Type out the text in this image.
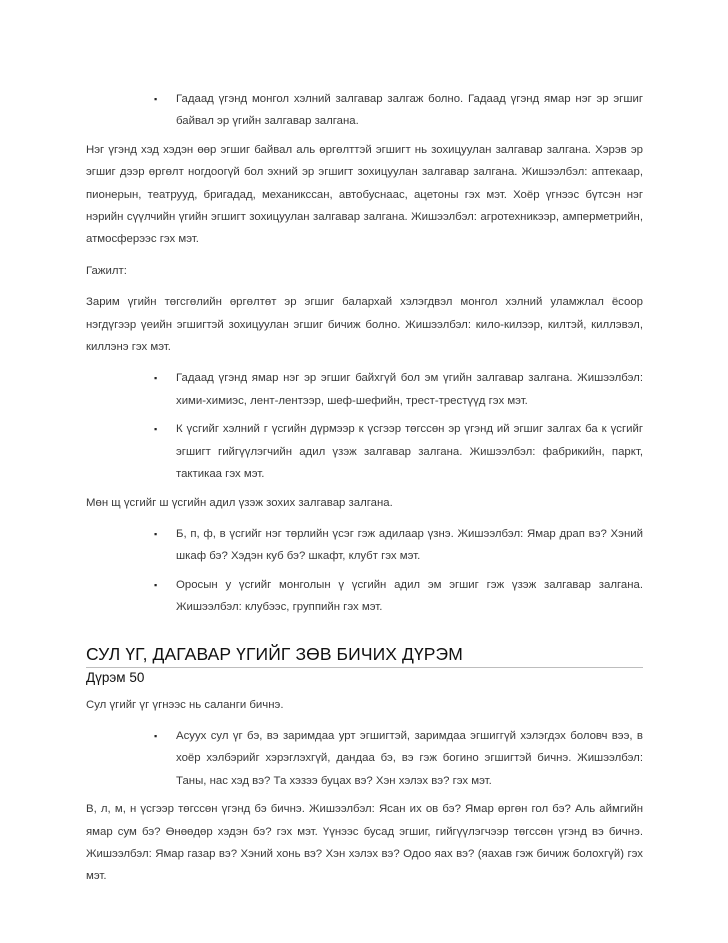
▪ Гадаад үгэнд монгол хэлний залгавар залгаж болно. Гадаад үгэнд ямар нэг эр эгшиг байвал эр үгийн залгавар залгана.

Нэг үгэнд хэд хэдэн өөр эгшиг байвал аль өргөлттэй эгшигт нь зохицуулан залгавар залгана. Хэрэв эр эгшиг дээр өргөлт ногдоогүй бол эхний эр эгшигт зохицуулан залгавар залгана. Жишээлбэл: аптекаар, пионерын, театрууд, бригадад, механикссан, автобуснаас, ацетоны гэх мэт. Хоёр үгнээс бүтсэн нэг нэрийн сүүлчийн үгийн эгшигт зохицуулан залгавар залгана. Жишээлбэл: агротехникээр, амперметрийн, атмосферээс гэх мэт.

Гажилт:

Зарим үгийн төгсгөлийн өргөлтөт эр эгшиг балархай хэлэгдвэл монгол хэлний уламжлал ёсоор нэгдүгээр үеийн эгшигтэй зохицуулан эгшиг бичиж болно. Жишээлбэл: кило-килээр, килтэй, киллэвэл, киллэнэ гэх мэт.

▪ Гадаад үгэнд ямар нэг эр эгшиг байхгүй бол эм үгийн залгавар залгана. Жишээлбэл: хими-химиэс, лент-лентээр, шеф-шефийн, трест-трестүүд гэх мэт.
▪ К үсгийг хэлний г үсгийн дүрмээр к үсгээр төгссөн эр үгэнд ий эгшиг залгах ба к үсгийг эгшигт гийгүүлэгчийн адил үзэж залгавар залгана. Жишээлбэл: фабрикийн, паркт, тактикаа гэх мэт.

Мөн щ үсгийг ш үсгийн адил үзэж зохих залгавар залгана.

▪ Б, п, ф, в үсгийг нэг төрлийн үсэг гэж адилаар үзнэ. Жишээлбэл: Ямар драп вэ? Хэний шкаф бэ? Хэдэн куб бэ? шкафт, клубт гэх мэт.
▪ Оросын у үсгийг монголын ү үсгийн адил эм эгшиг гэж үзэж залгавар залгана. Жишээлбэл: клубээс, группийн гэх мэт.
СУЛ ҮГ, ДАГАВАР ҮГИЙГ ЗӨВ БИЧИХ ДҮРЭМ
Дүрэм 50

Сул үгийг үг үгнээс нь саланги бичнэ.

▪ Асуух сул үг бэ, вэ заримдаа урт эгшигтэй, заримдаа эгшиггүй хэлэгдэх боловч вээ, в хоёр хэлбэрийг хэрэглэхгүй, дандаа бэ, вэ гэж богино эгшигтэй бичнэ. Жишээлбэл: Таны, нас хэд вэ? Та хэзээ буцах вэ? Хэн хэлэх вэ? гэх мэт.

В, л, м, н үсгээр төгссөн үгэнд бэ бичнэ. Жишээлбэл: Ясан их ов бэ? Ямар өргөн гол бэ? Аль аймгийн ямар сум бэ? Өнөөдөр хэдэн бэ? гэх мэт. Үүнээс бусад эгшиг, гийгүүлэгчээр төгссөн үгэнд вэ бичнэ. Жишээлбэл: Ямар газар вэ? Хэний хонь вэ? Хэн хэлэх вэ? Одоо яах вэ? (яахав гэж бичиж болохгүй) гэх мэт.
